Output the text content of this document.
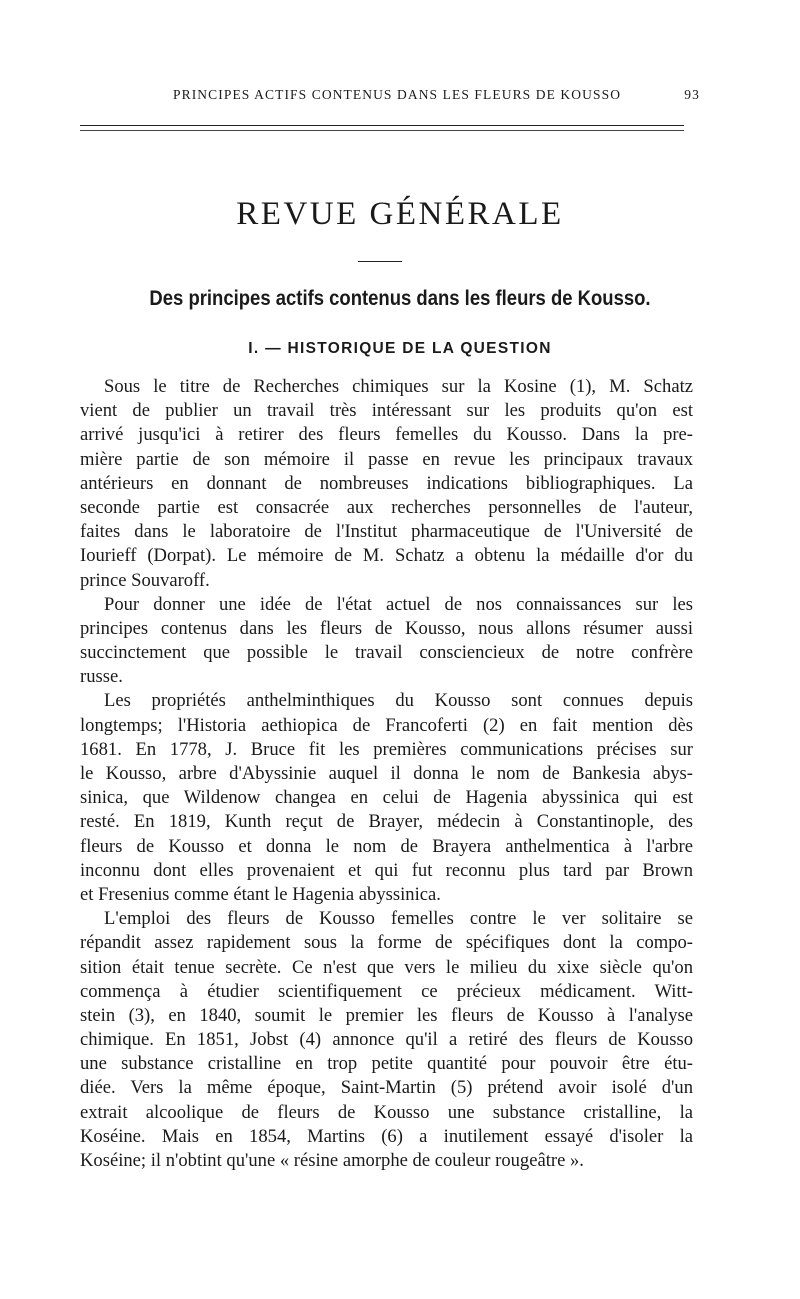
PRINCIPES ACTIFS CONTENUS DANS LES FLEURS DE KOUSSO	93
REVUE GÉNÉRALE
Des principes actifs contenus dans les fleurs de Kousso.
I. — HISTORIQUE DE LA QUESTION
Sous le titre de Recherches chimiques sur la Kosine (1), M. Schatz
vient de publier un travail très intéressant sur les produits qu'on est
arrivé jusqu'ici à retirer des fleurs femelles du Kousso. Dans la pre-
mière partie de son mémoire il passe en revue les principaux travaux
antérieurs en donnant de nombreuses indications bibliographiques. La
seconde partie est consacrée aux recherches personnelles de l'auteur,
faites dans le laboratoire de l'Institut pharmaceutique de l'Université de
Iourieff (Dorpat). Le mémoire de M. Schatz a obtenu la médaille d'or du
prince Souvaroff.
Pour donner une idée de l'état actuel de nos connaissances sur les
principes contenus dans les fleurs de Kousso, nous allons résumer aussi
succinctement que possible le travail consciencieux de notre confrère
russe.
Les propriétés anthelminthiques du Kousso sont connues depuis
longtemps; l'Historia aethiopica de Francoferti (2) en fait mention dès
1681. En 1778, J. Bruce fit les premières communications précises sur
le Kousso, arbre d'Abyssinie auquel il donna le nom de Bankesia abys-
sinica, que Wildenow changea en celui de Hagenia abyssinica qui est
resté. En 1819, Kunth reçut de Brayer, médecin à Constantinople, des
fleurs de Kousso et donna le nom de Brayera anthelmentica à l'arbre
inconnu dont elles provenaient et qui fut reconnu plus tard par Brown
et Fresenius comme étant le Hagenia abyssinica.
L'emploi des fleurs de Kousso femelles contre le ver solitaire se
répandit assez rapidement sous la forme de spécifiques dont la compo-
sition était tenue secrète. Ce n'est que vers le milieu du xixe siècle qu'on
commença à étudier scientifiquement ce précieux médicament. Witt-
stein (3), en 1840, soumit le premier les fleurs de Kousso à l'analyse
chimique. En 1851, Jobst (4) annonce qu'il a retiré des fleurs de Kousso
une substance cristalline en trop petite quantité pour pouvoir être étu-
diée. Vers la même époque, Saint-Martin (5) prétend avoir isolé d'un
extrait alcoolique de fleurs de Kousso une substance cristalline, la
Koséine. Mais en 1854, Martins (6) a inutilement essayé d'isoler la
Koséine; il n'obtint qu'une « résine amorphe de couleur rougeâtre ».
